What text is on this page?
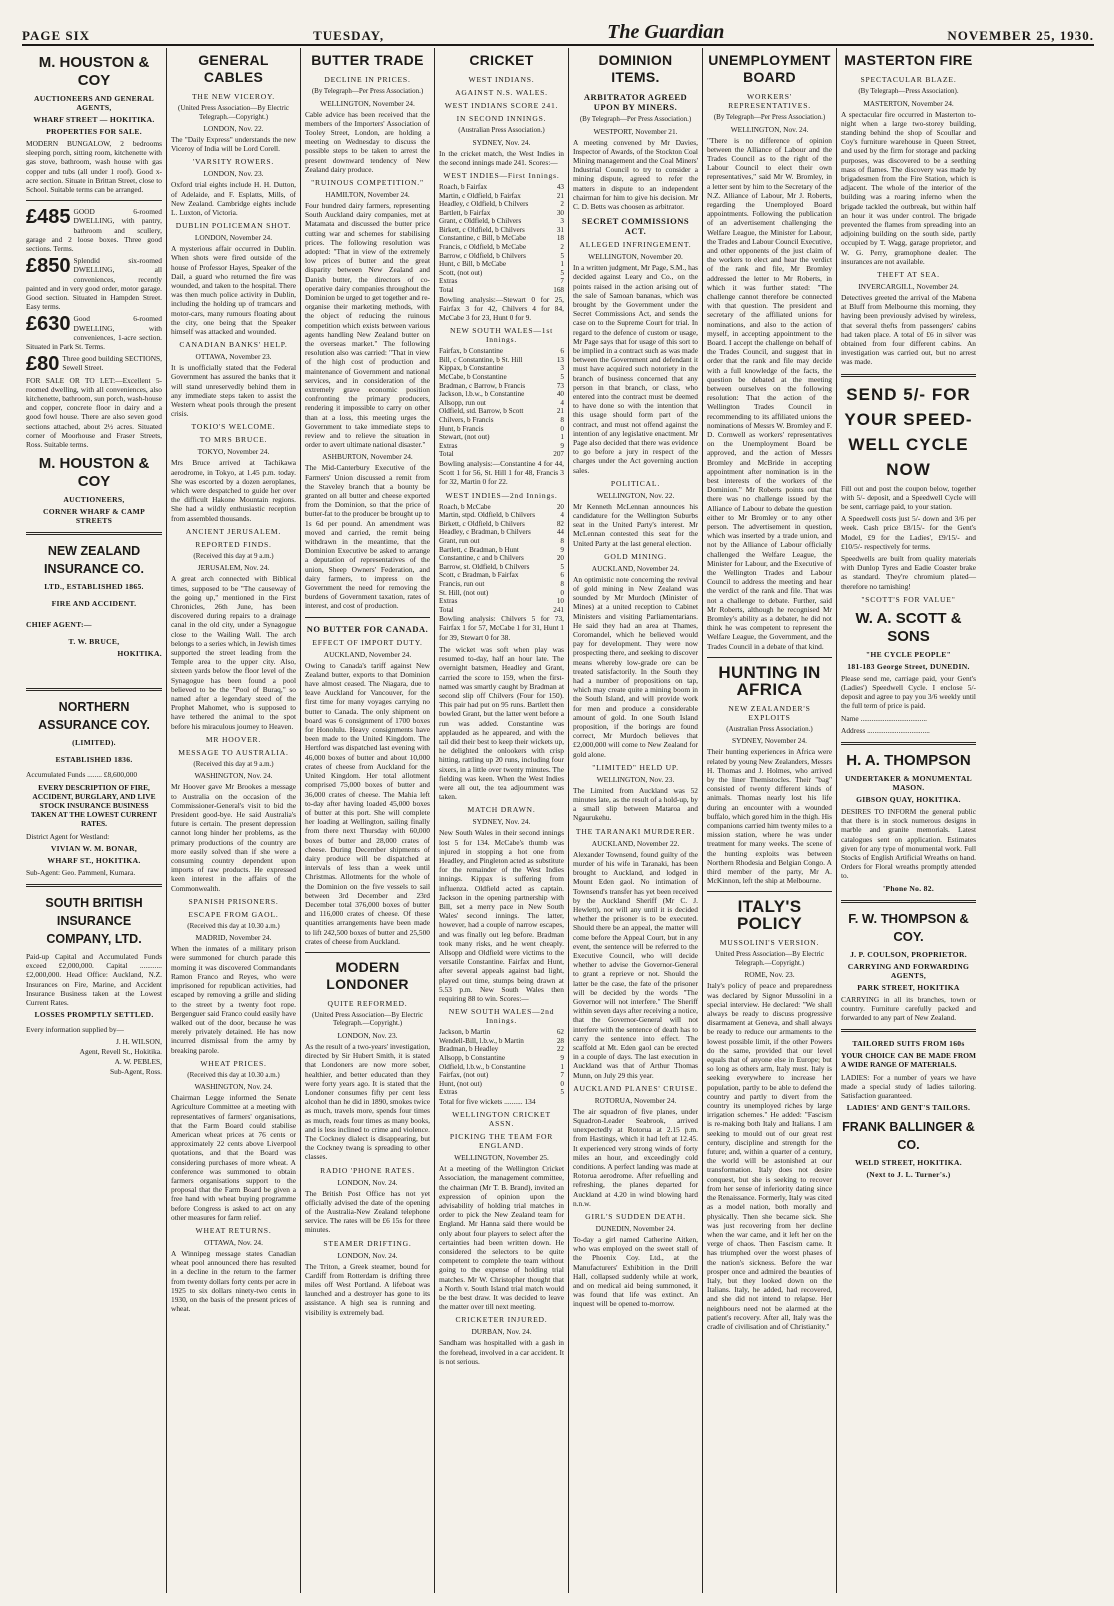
PAGE SIX	TUESDAY,	The Guardian	NOVEMBER 25, 1930.
M. HOUSTON & COY
AUCTIONEERS AND GENERAL AGENTS,
WHARF STREET — HOKITIKA.
PROPERTIES FOR SALE.

MODERN BUNGALOW, 2 bedrooms sleeping porch, sitting room, kitchenette with gas stove, bathroom, wash house with gas copper and tubs (all under 1 roof). Good x-acre section. Situate in Brittan Street, close to School. Suitable terms can be arranged.

£485 GOOD 6-roomed DWELLING, with pantry, bathroom and scullery, garage and 2 loose boxes. Three good sections. Terms.

£850 Splendid six-roomed DWELLING, all conveniences, recently painted and in very good order, motor garage. Good section. Situated in Hampden Street. Easy terms.

£630 Good 6-roomed DWELLING, with conveniences, 1-acre section. Situated in Park St. Terms.

£80 Three good building SECTIONS, Sewell Street.

FOR SALE OR TO LET:—Excellent 5-roomed dwelling, with all conveniences, also kitchenette, bathroom, sun porch, wash-house and copper, concrete floor in dairy and a good fowl house. There are also seven good sections attached, about 2½ acres. Situated corner of Moorhouse and Fraser Streets, Ross. Suitable terms.

M. HOUSTON & COY
AUCTIONEERS,
CORNER WHARF & CAMP STREETS
NEW ZEALAND INSURANCE CO.
LTD., ESTABLISHED 1865.
FIRE AND ACCIDENT.
CHIEF AGENT:—
T. W. BRUCE,
HOKITIKA.
NORTHERN ASSURANCE COY.
(LIMITED).
ESTABLISHED 1836.

Accumulated Funds ........ £8,600,000

EVERY DESCRIPTION OF FIRE, ACCIDENT, BURGLARY, AND LIVE STOCK INSURANCE BUSINESS TAKEN AT THE LOWEST CURRENT RATES.

District Agent for Westland:

VIVIAN W. M. BONAR,
WHARF ST., HOKITIKA.

Sub-Agent: Geo. Pammenl, Kumara.

SOUTH BRITISH INSURANCE COMPANY, LTD.

Paid-up Capital and Accumulated Funds exceed £2,000,000. Capital ............ £2,000,000. Head Office: Auckland, N.Z. Insurances on Fire, Marine, and Accident Insurance Business taken at the Lowest Current Rates.

LOSSES PROMPTLY SETTLED.

Every information supplied by—

J. H. WILSON,
Agent, Revell St., Hokitika.
A. W. PEBLES,
Sub-Agent, Ross.
GENERAL CABLES
THE NEW VICEROY.
(United Press Association—By Electric Telegraph.—Copyright.)
LONDON, Nov. 22.

The "Daily Express" understands the new Viceroy of India will be Lord Corell.

'VARSITY ROWERS.
LONDON, Nov. 23.

Oxford trial eights include H. H. Dutton, of Adelaide, and F. Esplatts, Mills, of New Zealand. Cambridge eights include L. Luxton, of Victoria.

DUBLIN POLICEMAN SHOT.
LONDON, November 24.

A mysterious affair occurred in Dublin. When shots were fired outside of the house of Professor Hayes, Speaker of the Dail, a guard who returned the fire was wounded, and taken to the hospital. There was then much police activity in Dublin, including the holding up of tramcars and motor-cars, many rumours floating about the city, one being that the Speaker himself was attacked and wounded.

CANADIAN BANKS' HELP.
OTTAWA, November 23.

It is unofficially stated that the Federal Government has assured the banks that it will stand unreservedly behind them in any immediate steps taken to assist the Western wheat pools through the present crisis.

TOKIO'S WELCOME.
TO MRS BRUCE.
TOKYO, November 24.

Mrs Bruce arrived at Tachikawa aerodrome, in Tokyo, at 1.45 p.m. today. She was escorted by a dozen aeroplanes, which were despatched to guide her over the difficult Hakone Mountain regions. She had a wildly enthusiastic reception from assembled thousands.

ANCIENT JERUSALEM.
REPORTED FINDS.
(Received this day at 9 a.m.)
JERUSALEM, Nov. 24.

A great arch connected with Biblical times, supposed to be "The causeway of the going up," mentioned in the First Chronicles, 26th June, has been discovered during repairs to a drainage canal in the old city, under a Synagogue close to the Wailing Wall. The arch belongs to a series which, in Jewish times supported the street leading from the Temple area to the upper city. Also, sixteen yards below the floor level of the Synagogue has been found a pool believed to be the "Pool of Buraq," so named after a legendary steed of the Prophet Mahomet, who is supposed to have tethered the animal to the spot before his miraculous journey to Heaven.

MR HOOVER.
MESSAGE TO AUSTRALIA.
(Received this day at 9 a.m.)
WASHINGTON, Nov. 24.

Mr Hoover gave Mr Brookes a message to Australia on the occasion of the Commissioner-General's visit to bid the President good-bye. He said Australia's future is certain. The present depression cannot long hinder her problems, as the primary productions of the country are more easily solved than if she were a consuming country dependent upon imports of raw products. He expressed keen interest in the affairs of the Commonwealth.

SPANISH PRISONERS.
ESCAPE FROM GAOL.
(Received this day at 10.30 a.m.)
MADRID, November 24.

When the inmates of a military prison were summoned for church parade this morning it was discovered Commandants Ramon Franco and Reyes, who were imprisoned for republican activities, had escaped by removing a grille and sliding to the street by a twenty foot rope. Bergenguer said Franco could easily have walked out of the door, because he was merely privately detained. He has now incurred dismissal from the army by breaking parole.

WHEAT PRICES.
(Received this day at 10.30 a.m.)
WASHINGTON, Nov. 24.

Chairman Legge informed the Senate Agriculture Committee at a meeting with representatives of farmers' organisations, that the Farm Board could stabilise American wheat prices at 76 cents or approximately 22 cents above Liverpool quotations, and that the Board was considering purchases of more wheat. A conference was summoned to obtain farmers organisations support to the proposal that the Farm Board be given a free hand with wheat buying programme before Congress is asked to act on any other measures for farm relief.

WHEAT RETURNS.
OTTAWA, Nov. 24.

A Winnipeg message states Canadian wheat pool announced there has resulted in a decline in the return to the farmer from twenty dollars forty cents per acre in 1925 to six dollars ninety-two cents in 1930, on the basis of the present prices of wheat.

BUTTER TRADE
DECLINE IN PRICES.
(By Telegraph—Per Press Association.)
WELLINGTON, November 24.

Cable advice has been received that the members of the Importers' Association of Tooley Street, London, are holding a meeting on Wednesday to discuss the possible steps to be taken to arrest the present downward tendency of New Zealand dairy produce.

"RUINOUS COMPETITION."
HAMILTON, November 24.

Four hundred dairy farmers, representing South Auckland dairy companies, met at Matamata and discussed the butter price cutting war and schemes for stabilising prices. The following resolution was adopted: "That in view of the extremely low prices of butter and the great disparity between New Zealand and Danish butter, the directors of co-operative dairy companies throughout the Dominion be urged to get together and re-organise their marketing methods, with the object of reducing the ruinous competition which exists between various agents handling New Zealand butter on the overseas market." The following resolution also was carried: "That in view of the high cost of production and maintenance of Government and national services, and in consideration of the extremely grave economic position confronting the primary producers, rendering it impossible to carry on other than at a loss, this meeting urges the Government to take immediate steps to review and to relieve the situation in order to avert ultimate national disaster."

ASHBURTON, November 24.

The Mid-Canterbury Executive of the Farmers' Union discussed a remit from the Staveley branch that a bounty be granted on all butter and cheese exported from the Dominion, so that the price of butter-fat to the producer be brought up to 1s 6d per pound. An amendment was moved and carried, the remit being withdrawn in the meantime, that the Dominion Executive be asked to arrange a deputation of representatives of the union, Sheep Owners' Federation, and dairy farmers, to impress on the Government the need for removing the burdens of Government taxation, rates of interest, and cost of production.

NO BUTTER FOR CANADA.
EFFECT OF IMPORT DUTY.
AUCKLAND, November 24.

Owing to Canada's tariff against New Zealand butter, exports to that Dominion have almost ceased. The Niagara, due to leave Auckland for Vancouver, for the first time for many voyages carrying no butter to Canada. The only shipment on board was 6 consignment of 1700 boxes for Honolulu. Heavy consignments have been made to the United Kingdom. The Hertford was dispatched last evening with 46,000 boxes of butter and about 10,000 crates of cheese from Auckland for the United Kingdom. Her total allotment comprised 75,000 boxes of butter and 36,000 crates of cheese. The Mahia left to-day after having loaded 45,000 boxes of butter at this port. She will complete her loading at Wellington, sailing finally from there next Thursday with 60,000 boxes of butter and 28,000 crates of cheese. During December shipments of dairy produce will be dispatched at intervals of less than a week until Christmas. Allotments for the whole of the Dominion on the five vessels to sail between 3rd December and 23rd December total 376,000 boxes of butter and 116,000 crates of cheese. Of these quantities arrangements have been made to lift 242,500 boxes of butter and 25,500 crates of cheese from Auckland.

MODERN LONDONER
QUITE REFORMED.
(United Press Association—By Electric Telegraph.—Copyright.)
LONDON, Nov. 23.

As the result of a two-years' investigation, directed by Sir Hubert Smith, it is stated that Londoners are now more sober, healthier, and better educated than they were forty years ago. It is stated that the Londoner consumes fifty per cent less alcohol than he did in 1890, smokes twice as much, travels more, spends four times as much, reads four times as many books, and is less inclined to crime and violence. The Cockney dialect is disappearing, but the Cockney twang is spreading to other classes.

RADIO 'PHONE RATES.
LONDON, Nov. 24.

The British Post Office has not yet officially advised the date of the opening of the Australia-New Zealand telephone service. The rates will be £6 15s for three minutes.

STEAMER DRIFTING.
LONDON, Nov. 24.

The Triton, a Greek steamer, bound for Cardiff from Rotterdam is drifting three miles off West Portland. A lifeboat was launched and a destroyer has gone to its assistance. A high sea is running and visibility is extremely bad.

CRICKET
WEST INDIANS.
AGAINST N.S. WALES.
WEST INDIANS SCORE 241.
IN SECOND INNINGS.
(Australian Press Association.)
SYDNEY, Nov. 24.

In the cricket match, the West Indies in the second innings made 241. Scores:—

WEST INDIES—First Innings.
Roach, b Fairfax	43
Martin, c Oldfield, b Fairfax	21
Headley, c Oldfield, b Chilvers	2
Bartlett, b Fairfax	30
Grant, c Oldfield, b Chilvers	3
Birkett, c Oldfield, b Chilvers	31
Constantine, c Bill, b McCabe	18
Francis, c Oldfield, b McCabe	2
Barrow, c Oldfield, b Chilvers	5
Hunt, c Bill, b McCabe	1
Scott, (not out)	5
Extras	7
Total	168

Bowling analysis:—Stewart 0 for 25, Fairfax 3 for 42, Chilvers 4 for 84, McCabe 3 for 23, Hunt 0 for 9.

NEW SOUTH WALES—1st Innings.
Fairfax, b Constantine	6
Bill, c Constantine, b St. Hill	13
Kippax, b Constantine	3
McCabe, b Constantine	5
Bradman, c Barrow, b Francis	73
Jackson, l.b.w., b Constantine	40
Allsopp, run out	4
Oldfield, std. Barrow, b Scott	21
Chilvers, b Francis	8
Hunt, b Francis	0
Stewart, (not out)	1
Extras	9
Total	207

Bowling analysis:—Constantine 4 for 44, Scott 1 for 56, St. Hill 1 for 48, Francis 3 for 32, Martin 0 for 22.

WEST INDIES—2nd Innings.
Roach, b McCabe	20
Martin, stpd. Oldfield, b Chilvers	4
Birkett, c Oldfield, b Chilvers	82
Headley, c Bradman, b Chilvers	44
Grant, run out	8
Bartlett, c Bradman, b Hunt	9
Constantine, c and b Chilvers	20
Barrow, st. Oldfield, b Chilvers	5
Scott, c Bradman, b Fairfax	6
Francis, run out	8
St. Hill, (not out)	0
Extras	10
Total	241

Bowling analysis: Chilvers 5 for 73, Fairfax 1 for 57, McCabe 1 for 31, Hunt 1 for 39, Stewart 0 for 38.

The wicket was soft when play was resumed to-day, half an hour late. The overnight batsmen, Headley and Grant, carried the score to 159, when the first-named was smartly caught by Bradman at second slip off Chilvers (Four for 150). This pair had put on 95 runs. Bartlett then bowled Grant, but the latter went before a run was added. Constantine was applauded as he appeared, and with the tail did their best to keep their wickets up, he delighted the onlookers with crisp hitting, rattling up 20 runs, including four sixers, in a little over twenty minutes. The fielding was keen. When the West Indies were all out, the tea adjournment was taken.

MATCH DRAWN.
SYDNEY, Nov. 24.

New South Wales in their second innings lost 5 for 134. McCabe's thumb was injured in stopping a hot one from Headley, and Pingleton acted as substitute for the remainder of the West Indies innings. Kippax is suffering from influenza. Oldfield acted as captain. Jackson in the opening partnership with Bill, set a merry pace in New South Wales' second innings. The latter, however, had a couple of narrow escapes, and was finally out leg before. Bradman took many risks, and he went cheaply. Allsopp and Oldfield were victims to the versatile Constantine. Fairfax and Hunt, after several appeals against bad light, played out time, stumps being drawn at 5.53 p.m. New South Wales then requiring 88 to win. Scores:—

NEW SOUTH WALES—2nd Innings.
Jackson, b Martin	62
Wendell-Bill, l.b.w., b Martin	28
Bradman, b Headley	22
Allsopp, b Constantine	9
Oldfield, l.b.w., b Constantine	1
Fairfax, (not out)	7
Hunt, (not out)	0
Extras	5

Total for five wickets .......... 134

WELLINGTON CRICKET ASSN.
PICKING THE TEAM FOR ENGLAND.
WELLINGTON, November 25.

At a meeting of the Wellington Cricket Association, the management committee, the chairman (Mr T. B. Brand), invited an expression of opinion upon the advisability of holding trial matches in order to pick the New Zealand team for England. Mr Hanna said there would be only about four players to select after the certainties had been written down. He considered the selectors to be quite competent to complete the team without going to the expense of holding trial matches. Mr W. Christopher thought that a North v. South Island trial match would be the best draw. It was decided to leave the matter over till next meeting.

CRICKETER INJURED.
DURBAN, Nov. 24.

Sandham was hospitalled with a gash in the forehead, involved in a car accident. It is not serious.

DOMINION ITEMS.
ARBITRATOR AGREED UPON BY MINERS.
(By Telegraph—Per Press Association.)
WESTPORT, November 21.

A meeting convened by Mr Davies, Inspector of Awards, of the Stockton Coal Mining management and the Coal Miners' Industrial Council to try to consider a mining dispute, agreed to refer the matters in dispute to an independent chairman for him to give his decision. Mr C. D. Betts was choosen as arbitrator.

SECRET COMMISSIONS ACT.
ALLEGED INFRINGEMENT.
WELLINGTON, November 20.

In a written judgment, Mr Page, S.M., has decided against Leary and Co., on the points raised in the action arising out of the sale of Samoan bananas, which was brought by the Government under the Secret Commissions Act, and sends the case on to the Supreme Court for trial. In regard to the defence of custom or usage, Mr Page says that for usage of this sort to be implied in a contract such as was made between the Government and defendant it must have acquired such notoriety in the branch of business concerned that any person in that branch, or class, who entered into the contract must be deemed to have done so with the intention that this usage should form part of the contract, and must not offend against the intention of any legislative enactment. Mr Page also decided that there was evidence to go before a jury in respect of the charges under the Act governing auction sales.

POLITICAL.
WELLINGTON, Nov. 22.

Mr Kenneth McLennan announces his candidature for the Wellington Suburbs seat in the United Party's interest. Mr McLennan contested this seat for the United Party at the last general election.

GOLD MINING.
AUCKLAND, November 24.

An optimistic note concerning the revival of gold mining in New Zealand was sounded by Mr Murdoch (Minister of Mines) at a united reception to Cabinet Ministers and visiting Parliamentarians. He said they had an area at Thames, Coromandel, which he believed would pay for development. They were now prospecting there, and seeking to discover means whereby low-grade ore can be treated satisfactorily. In the South they had a number of propositions on tap, which may create quite a mining boom in the South Island, and will provide work for men and produce a considerable amount of gold. In one South Island proposition, if the borings are found correct, Mr Murdoch believes that £2,000,000 will come to New Zealand for gold alone.

"LIMITED" HELD UP.
WELLINGTON, Nov. 23.

The Limited from Auckland was 52 minutes late, as the result of a hold-up, by a small slip between Mataroa and Ngaurukehu.

THE TARANAKI MURDERER.
AUCKLAND, November 22.

Alexander Townsend, found guilty of the murder of his wife in Taranaki, has been brought to Auckland, and lodged in Mount Eden gaol. No intimation of Townsend's transfer has yet been received by the Auckland Sheriff (Mr C. J. Hewlett), nor will any until it is decided whether the prisoner is to be executed. Should there be an appeal, the matter will come before the Appeal Court, but in any event, the sentence will be referred to the Executive Council, who will decide whether to advise the Governor-General to grant a reprieve or not. Should the latter be the case, the fate of the prisoner will be decided by the words "The Governor will not interfere." The Sheriff within seven days after receiving a notice, that the Governor-General will not interfere with the sentence of death has to carry the sentence into effect. The scaffold at Mt. Eden gaol can be erected in a couple of days. The last execution in Auckland was that of Arthur Thomas Munn, on July 29 this year.

AUCKLAND PLANES' CRUISE.
ROTORUA, November 24.

The air squadron of five planes, under Squadron-Leader Seabrook, arrived unexpectedly at Rotorua at 2.15 p.m. from Hastings, which it had left at 12.45. It experienced very strong winds of forty miles an hour, and exceedingly cold conditions. A perfect landing was made at Rotorua aerodrome. After refuelling and refreshing, the planes departed for Auckland at 4.20 in wind blowing hard n.n.w.

GIRL'S SUDDEN DEATH.
DUNEDIN, November 24.

To-day a girl named Catherine Aitken, who was employed on the sweet stall of the Phoenix Coy. Ltd., at the Manufacturers' Exhibition in the Drill Hall, collapsed suddenly while at work, and on medical aid being summoned, it was found that life was extinct. An inquest will be opened to-morrow.

UNEMPLOYMENT BOARD
WORKERS' REPRESENTATIVES.
(By Telegraph—Per Press Association.)
WELLINGTON, Nov. 24.

"There is no difference of opinion between the Alliance of Labour and the Trades Council as to the right of the Labour Council to elect their own representatives," said Mr W. Bromley, in a letter sent by him to the Secretary of the N.Z. Alliance of Labour, Mr J. Roberts, regarding the Unemployed Board appointments. Following the publication of an advertisement challenging the Welfare League, the Minister for Labour, the Trades and Labour Council Executive, and other opponents of the just claim of the workers to elect and hear the verdict of the rank and file, Mr Bromley addressed the letter to Mr Roberts, in which it was further stated: "The challenge cannot therefore be connected with that question. The president and secretary of the affiliated unions for nominations, and also to the action of myself, in accepting appointment to the Board. I accept the challenge on behalf of the Trades Council, and suggest that in order that the rank and file may decide with a full knowledge of the facts, the question be debated at the meeting between ourselves on the following resolution: That the action of the Wellington Trades Council in recommending to its affiliated unions the nominations of Messrs W. Bromley and F. D. Cornwell as workers' representatives on the Unemployment Board be approved, and the action of Messrs Bromley and McBride in accepting appointment after nomination is in the best interests of the workers of the Dominion." Mr Roberts points out that there was no challenge issued by the Alliance of Labour to debate the question either to Mr Bromley or to any other person. The advertisement in question, which was inserted by a trade union, and not by the Alliance of Labour officially challenged the Welfare League, the Minister for Labour, and the Executive of the Wellington Trades and Labour Council to address the meeting and hear the verdict of the rank and file. That was not a challenge to debate. Further, said Mr Roberts, although he recognised Mr Bromley's ability as a debater, he did not think he was competent to represent the Welfare League, the Government, and the Trades Council in a debate of that kind.

HUNTING IN AFRICA
NEW ZEALANDER'S EXPLOITS
(Australian Press Association.)
SYDNEY, November 24.

Their hunting experiences in Africa were related by young New Zealanders, Messrs H. Thomas and J. Holmes, who arrived by the liner Themistocles. Their "bag" consisted of twenty different kinds of animals. Thomas nearly lost his life during an encounter with a wounded buffalo, which gored him in the thigh. His companions carried him twenty miles to a mission station, where he was under treatment for many weeks. The scene of the hunting exploits was between Northern Rhodesia and Belgian Congo. A third member of the party, Mr A. McKinnon, left the ship at Melbourne.

ITALY'S POLICY
MUSSOLINI'S VERSION.
United Press Association—By Electric Telegraph.—Copyright.)
ROME, Nov. 23.

Italy's policy of peace and preparedness was declared by Signor Mussolini in a special interview. He declared: "We shall always be ready to discuss progressive disarmament at Geneva, and shall always be ready to reduce our armaments to the lowest possible limit, if the other Powers do the same, provided that our level equals that of anyone else in Europe; but so long as others arm, Italy must. Italy is seeking everywhere to increase her population, partly to be able to defend the country and partly to divert from the country its unemployed riches by large irrigation schemes." He added: "Fascism is re-making both Italy and Italians. I am seeking to mould out of our great rest century, discipline and strength for the future; and, within a quarter of a century, the world will be astonished at our transformation. Italy does not desire conquest, but she is seeking to recover from her sense of inferiority dating since the Renaissance. Formerly, Italy was cited as a model nation, both morally and physically. Then she became sick. She was just recovering from her decline when the war came, and it left her on the verge of chaos. Then Fascism came. It has triumphed over the worst phases of the nation's sickness. Before the war prosper once and admired the beauties of Italy, but they looked down on the Italians. Italy, he added, had recovered, and she did not intend to relapse. Her neighbours need not be alarmed at the patient's recovery. After all, Italy was the cradle of civilisation and of Christianity."

MASTERTON FIRE
SPECTACULAR BLAZE.
(By Telegraph—Press Association).
MASTERTON, November 24.

A spectacular fire occurred in Masterton to-night when a large two-storey building, standing behind the shop of Scoullar and Coy's furniture warehouse in Queen Street, and used by the firm for storage and packing purposes, was discovered to be a seething mass of flames. The discovery was made by brigadesmen from the Fire Station, which is adjacent. The whole of the interior of the building was a roaring inferno when the brigade tackled the outbreak, but within half an hour it was under control. The brigade prevented the flames from spreading into an adjoining building on the south side, partly occupied by T. Wagg, garage proprietor, and W. G. Perry, gramophone dealer. The insurances are not available.

THEFT AT SEA.
INVERCARGILL, November 24.

Detectives greeted the arrival of the Mabena at Bluff from Melbourne this morning, they having been previously advised by wireless, that several thefts from passengers' cabins had taken place. A total of £6 in silver was obtained from four different cabins. An investigation was carried out, but no arrest was made.

SEND 5/- FOR
YOUR SPEED-
WELL CYCLE
NOW

Fill out and post the coupon below, together with 5/- deposit, and a Speedwell Cycle will be sent, carriage paid, to your station.

A Speedwell costs just 5/- down and 3/6 per week. Cash price £8/15/- for the Gent's Model, £9 for the Ladies', £9/15/- and £10/5/- respectively for terms.

Speedwells are built from quality materials with Dunlop Tyres and Eadie Coaster brake as standard. They're chromium plated—therefore no tarnishing!

"SCOTT'S FOR VALUE"
W. A. SCOTT & SONS
"HE CYCLE PEOPLE"
181-183 George Street, DUNEDIN.

Please send me, carriage paid, your Gent's (Ladies') Speedwell Cycle. I enclose 5/- deposit and agree to pay you 3/6 weekly until the full term of price is paid.

Name ....................................

Address ..................................

H. A. THOMPSON
UNDERTAKER & MONUMENTAL MASON.
GIBSON QUAY, HOKITIKA.

DESIRES TO INFORM the general public that there is in stock numerous designs in marble and granite memorials. Latest catalogues sent on application. Estimates given for any type of monumental work. Full Stocks of English Artificial Wreaths on hand. Orders for Floral wreaths promptly attended to.

'Phone No. 82.
F. W. THOMPSON & COY.
J. P. COULSON, PROPRIETOR.
CARRYING AND FORWARDING AGENTS,
PARK STREET, HOKITIKA

CARRYING in all its branches, town or country. Furniture carefully packed and forwarded to any part of New Zealand.

TAILORED SUITS FROM 160s

YOUR CHOICE CAN BE MADE FROM A WIDE RANGE OF MATERIALS.

LADIES: For a number of years we have made a special study of ladies tailoring. Satisfaction guaranteed.

LADIES' AND GENT'S TAILORS.
FRANK BALLINGER & CO.
WELD STREET, HOKITIKA.
(Next to J. L. Turner's.)
